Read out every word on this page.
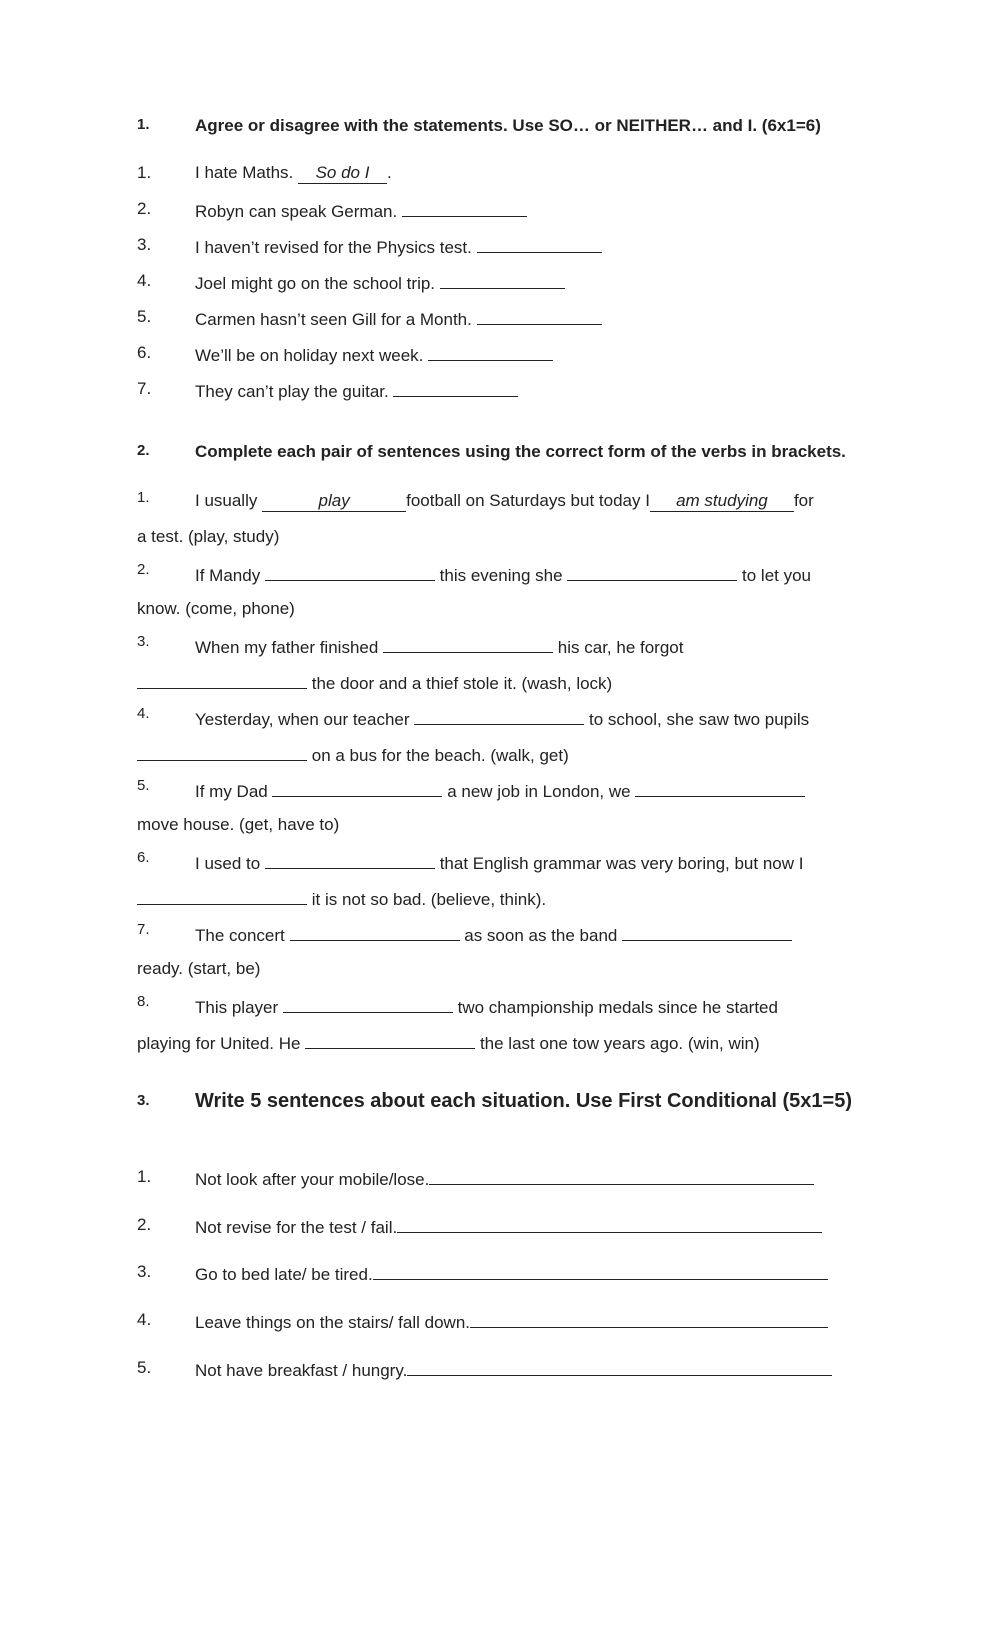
1.	Agree or disagree with the statements. Use SO… or NEITHER… and I. (6x1=6)
1.	I hate Maths. So do I .
2.	Robyn can speak German.
3.	I haven’t revised for the Physics test.
4.	Joel might go on the school trip.
5.	Carmen hasn’t seen Gill for a Month.
6.	We’ll be on holiday next week.
7.	They can’t play the guitar.
2.	Complete each pair of sentences using the correct form of the verbs in brackets.
1.	I usually	play	football on Saturdays but today I am studying for
a test. (play, study)
2.	If Mandy	this evening she	to let you
know. (come, phone)
3.	When my father finished	his car, he forgot
the door and a thief stole it. (wash, lock)
4.	Yesterday, when our teacher	to school, she saw two pupils
on a bus for the beach. (walk, get)
5.	If my Dad	a new job in London, we
move house. (get, have to)
6.	I used to	that English grammar was very boring, but now I
it is not so bad. (believe, think).
7.	The concert	as soon as the band
ready. (start, be)
8.	This player	two championship medals since he started
playing for United. He	the last one tow years ago. (win, win)
3. Write 5 sentences about each situation. Use First Conditional (5x1=5)
1.	Not look after your mobile/lose.
2.	Not revise for the test / fail.
3.	Go to bed late/ be tired.
4.	Leave things on the stairs/ fall down.
5.	Not have breakfast / hungry.
